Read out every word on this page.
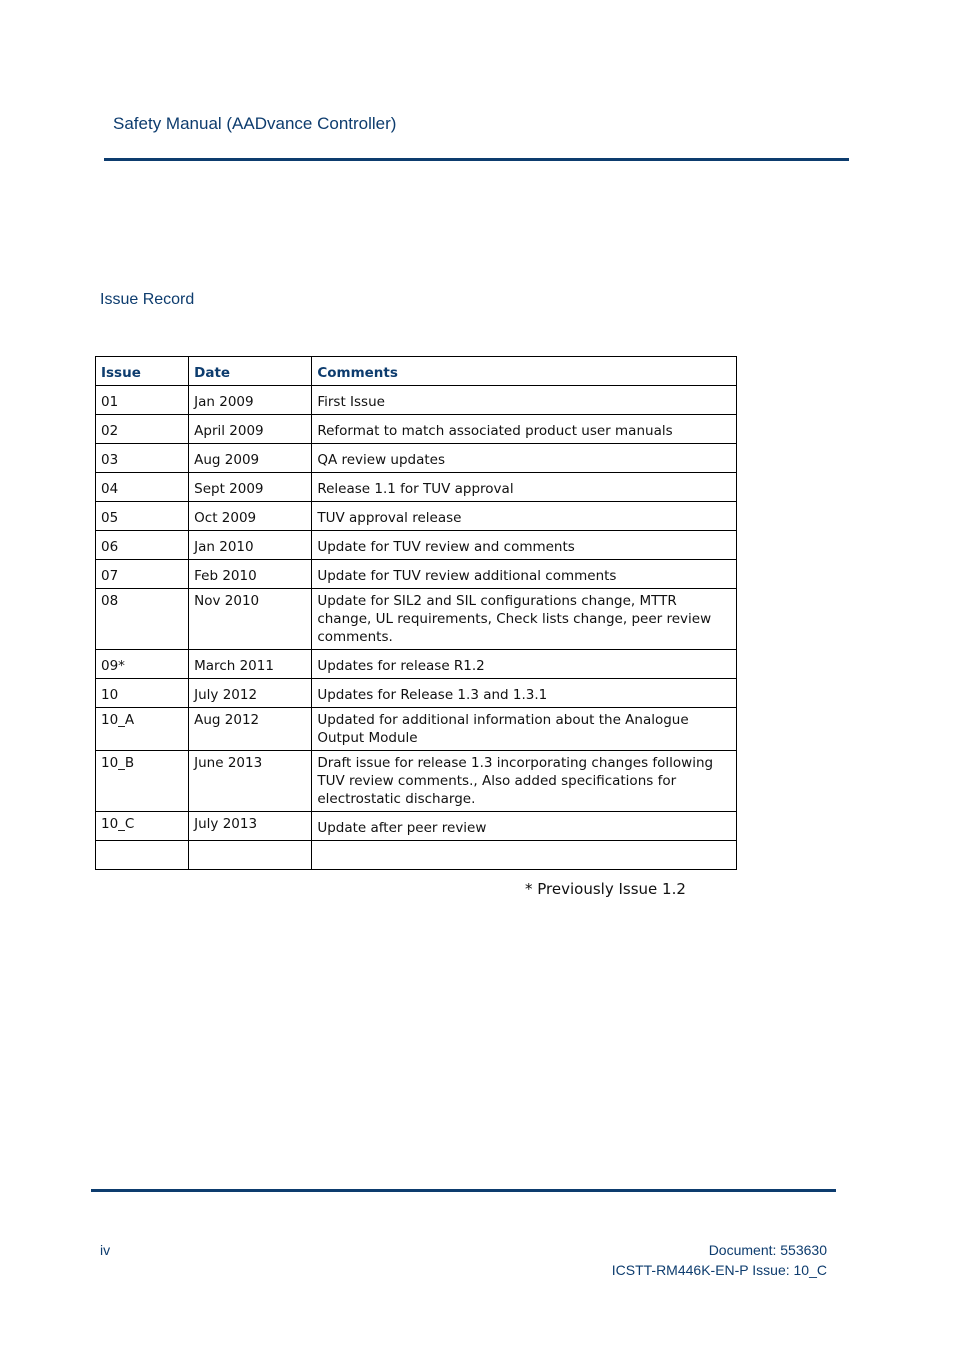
Safety Manual (AADvance Controller)
Issue Record
Issue	Date	Comments
01	Jan 2009	First Issue
02	April 2009	Reformat to match associated product user manuals
03	Aug 2009	QA review updates
04	Sept 2009	Release 1.1 for TUV approval
05	Oct 2009	TUV approval release
06	Jan 2010	Update for TUV review and comments
07	Feb 2010	Update for TUV review additional comments
08	Nov 2010	Update for SIL2 and SIL configurations change, MTTR change, UL requirements, Check lists change, peer review comments.
09*	March 2011	Updates for release R1.2
10	July 2012	Updates for Release 1.3 and 1.3.1
10_A	Aug 2012	Updated for additional information about the Analogue Output Module
10_B	June 2013	Draft issue for release 1.3 incorporating changes following TUV review comments., Also added specifications for electrostatic discharge.
10_C	July 2013	Update after peer review

* Previously Issue 1.2
iv	Document: 553630
ICSTT-RM446K-EN-P Issue: 10_C
